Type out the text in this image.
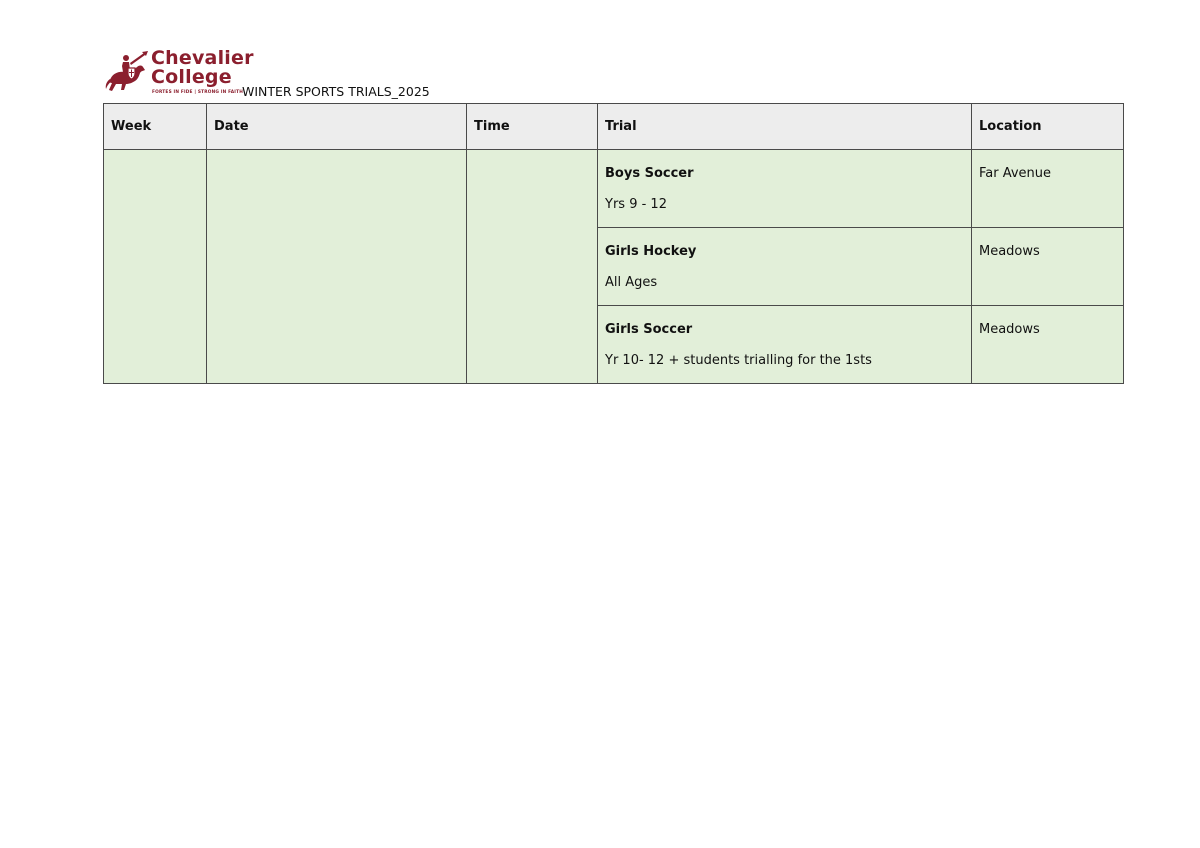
Chevalier
College
FORTES IN FIDE | STRONG IN FAITH
WINTER SPORTS TRIALS_2025
Week	Date	Time	Trial	Location

			Boys Soccer
Yrs 9 - 12	Far Avenue

			Girls Hockey
All Ages	Meadows

			Girls Soccer
Yr 10- 12 + students trialling for the 1sts	Meadows
